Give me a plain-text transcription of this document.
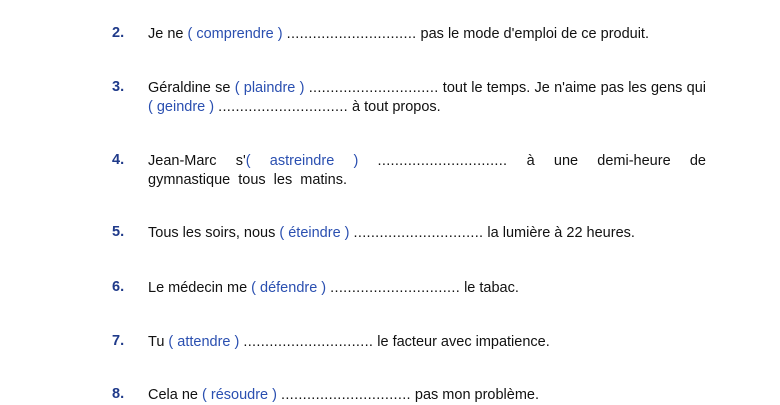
2. Je ne ( comprendre ) .............................. pas le mode d'emploi de ce produit.
3. Géraldine se ( plaindre ) .............................. tout le temps. Je n'aime pas les gens qui ( geindre ) .............................. à tout propos.
4. Jean-Marc s'( astreindre ) .............................. à une demi-heure de gymnastique tous les matins.
5. Tous les soirs, nous ( éteindre ) .............................. la lumière à 22 heures.
6. Le médecin me ( défendre ) .............................. le tabac.
7. Tu ( attendre ) .............................. le facteur avec impatience.
8. Cela ne ( résoudre ) .............................. pas mon problème.
